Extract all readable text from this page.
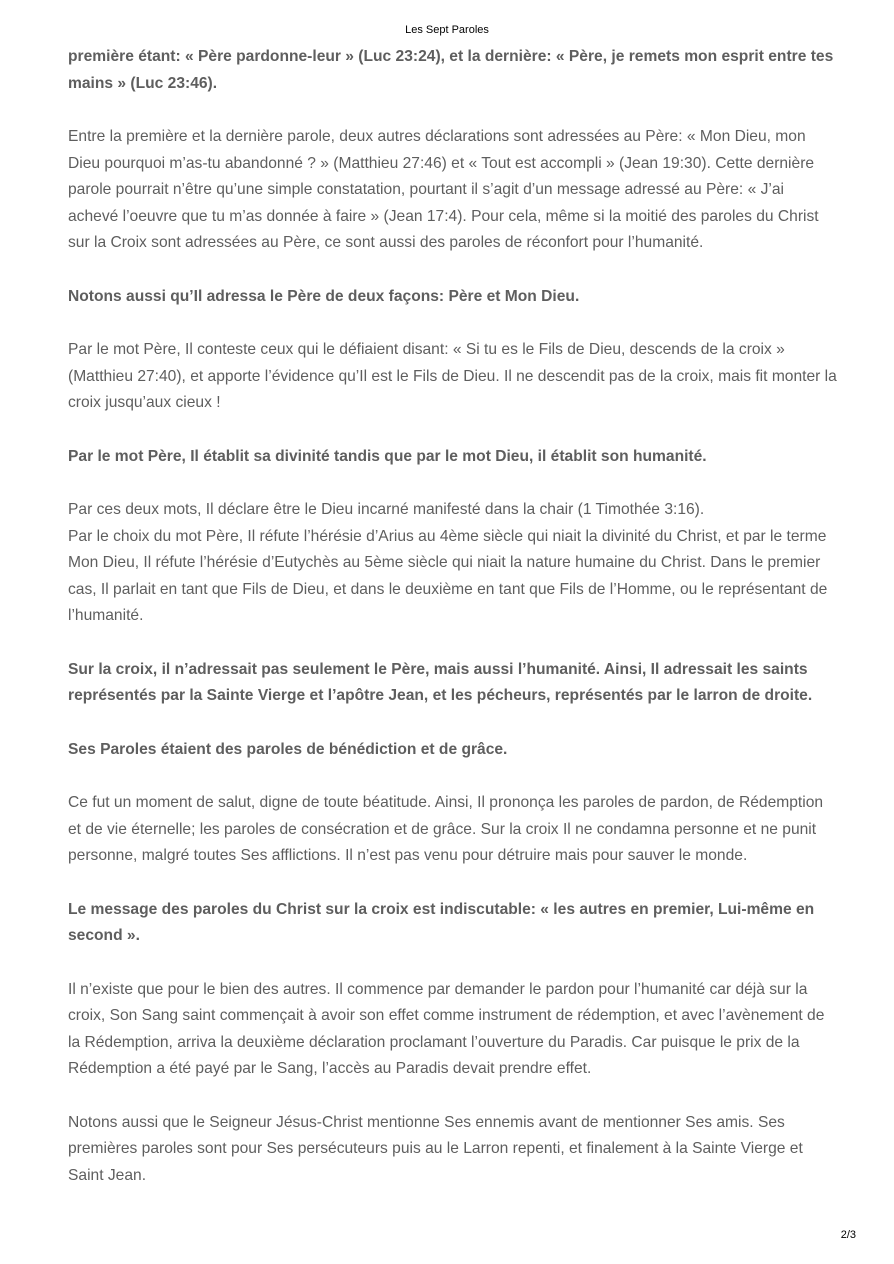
Les Sept Paroles

première étant: « Père pardonne-leur » (Luc 23:24), et la dernière: « Père, je remets mon esprit entre tes mains » (Luc 23:46).

Entre la première et la dernière parole, deux autres déclarations sont adressées au Père: « Mon Dieu, mon Dieu pourquoi m’as-tu abandonné ? » (Matthieu 27:46) et « Tout est accompli » (Jean 19:30). Cette dernière parole pourrait n’être qu’une simple constatation, pourtant il s’agit d’un message adressé au Père: « J’ai achevé l’oeuvre que tu m’as donnée à faire » (Jean 17:4). Pour cela, même si la moitié des paroles du Christ sur la Croix sont adressées au Père, ce sont aussi des paroles de réconfort pour l’humanité.

Notons aussi qu’Il adressa le Père de deux façons: Père et Mon Dieu.

Par le mot Père, Il conteste ceux qui le défiaient disant: « Si tu es le Fils de Dieu, descends de la croix » (Matthieu 27:40), et apporte l’évidence qu’Il est le Fils de Dieu. Il ne descendit pas de la croix, mais fit monter la croix jusqu’aux cieux !

Par le mot Père, Il établit sa divinité tandis que par le mot Dieu, il établit son humanité.

Par ces deux mots, Il déclare être le Dieu incarné manifesté dans la chair (1 Timothée 3:16).

Par le choix du mot Père, Il réfute l’hérésie d’Arius au 4ème siècle qui niait la divinité du Christ, et par le terme Mon Dieu, Il réfute l’hérésie d’Eutychès au 5ème siècle qui niait la nature humaine du Christ. Dans le premier cas, Il parlait en tant que Fils de Dieu, et dans le deuxième en tant que Fils de l’Homme, ou le représentant de l’humanité.

Sur la croix, il n’adressait pas seulement le Père, mais aussi l’humanité. Ainsi, Il adressait les saints représentés par la Sainte Vierge et l’apôtre Jean, et les pécheurs, représentés par le larron de droite.

Ses Paroles étaient des paroles de bénédiction et de grâce.

Ce fut un moment de salut, digne de toute béatitude. Ainsi, Il prononça les paroles de pardon, de Rédemption et de vie éternelle; les paroles de consécration et de grâce. Sur la croix Il ne condamna personne et ne punit personne, malgré toutes Ses afflictions. Il n’est pas venu pour détruire mais pour sauver le monde.

Le message des paroles du Christ sur la croix est indiscutable: « les autres en premier, Lui-même en second ».

Il n’existe que pour le bien des autres. Il commence par demander le pardon pour l’humanité car déjà sur la croix, Son Sang saint commençait à avoir son effet comme instrument de rédemption, et avec l’avènement de la Rédemption, arriva la deuxième déclaration proclamant l’ouverture du Paradis. Car puisque le prix de la Rédemption a été payé par le Sang, l’accès au Paradis devait prendre effet.

Notons aussi que le Seigneur Jésus-Christ mentionne Ses ennemis avant de mentionner Ses amis. Ses premières paroles sont pour Ses persécuteurs puis au le Larron repenti, et finalement à la Sainte Vierge et Saint Jean.

2/3
